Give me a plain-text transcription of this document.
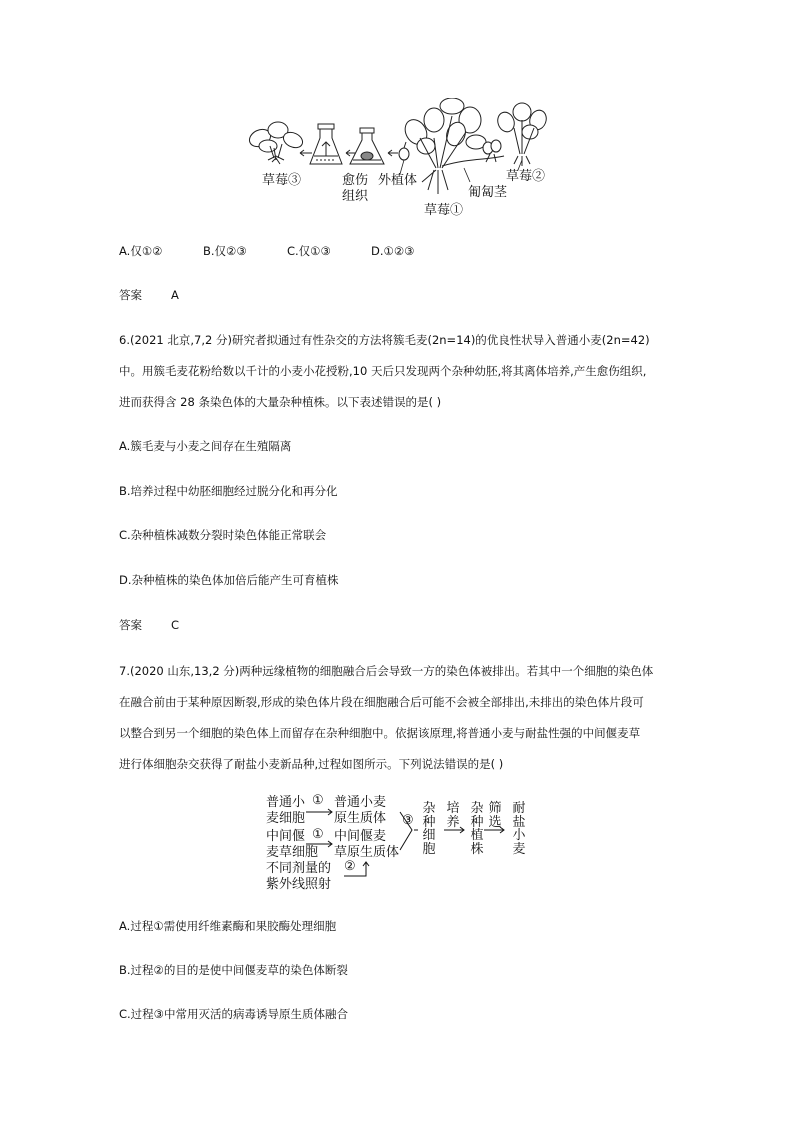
草莓③	愈伤
组织
外植体
匍匐茎
草莓①
草莓②
A.仅①②	B.仅②③	C.仅①③	D.①②③
答案	A
6.(2021 北京,7,2 分)研究者拟通过有性杂交的方法将簇毛麦(2n=14)的优良性状导入普通小麦(2n=42)
中。用簇毛麦花粉给数以千计的小麦小花授粉,10 天后只发现两个杂种幼胚,将其离体培养,产生愈伤组织,
进而获得含 28 条染色体的大量杂种植株。以下表述错误的是( )
A.簇毛麦与小麦之间存在生殖隔离
B.培养过程中幼胚细胞经过脱分化和再分化
C.杂种植株减数分裂时染色体能正常联会
D.杂种植株的染色体加倍后能产生可育植株
答案	C
7.(2020 山东,13,2 分)两种远缘植物的细胞融合后会导致一方的染色体被排出。若其中一个细胞的染色体
在融合前由于某种原因断裂,形成的染色体片段在细胞融合后可能不会被全部排出,未排出的染色体片段可
以整合到另一个细胞的染色体上而留存在杂种细胞中。依据该原理,将普通小麦与耐盐性强的中间偃麦草
进行体细胞杂交获得了耐盐小麦新品种,过程如图所示。下列说法错误的是( )
普通小
麦细胞
① 普通小麦
原生质体
中间偃
麦草细胞
① 中间偃麦
草原生质体
不同剂量的
紫外线照射
②
③
杂种细胞
培养
杂种植株
筛选
耐盐小麦
A.过程①需使用纤维素酶和果胶酶处理细胞
B.过程②的目的是使中间偃麦草的染色体断裂
C.过程③中常用灭活的病毒诱导原生质体融合
